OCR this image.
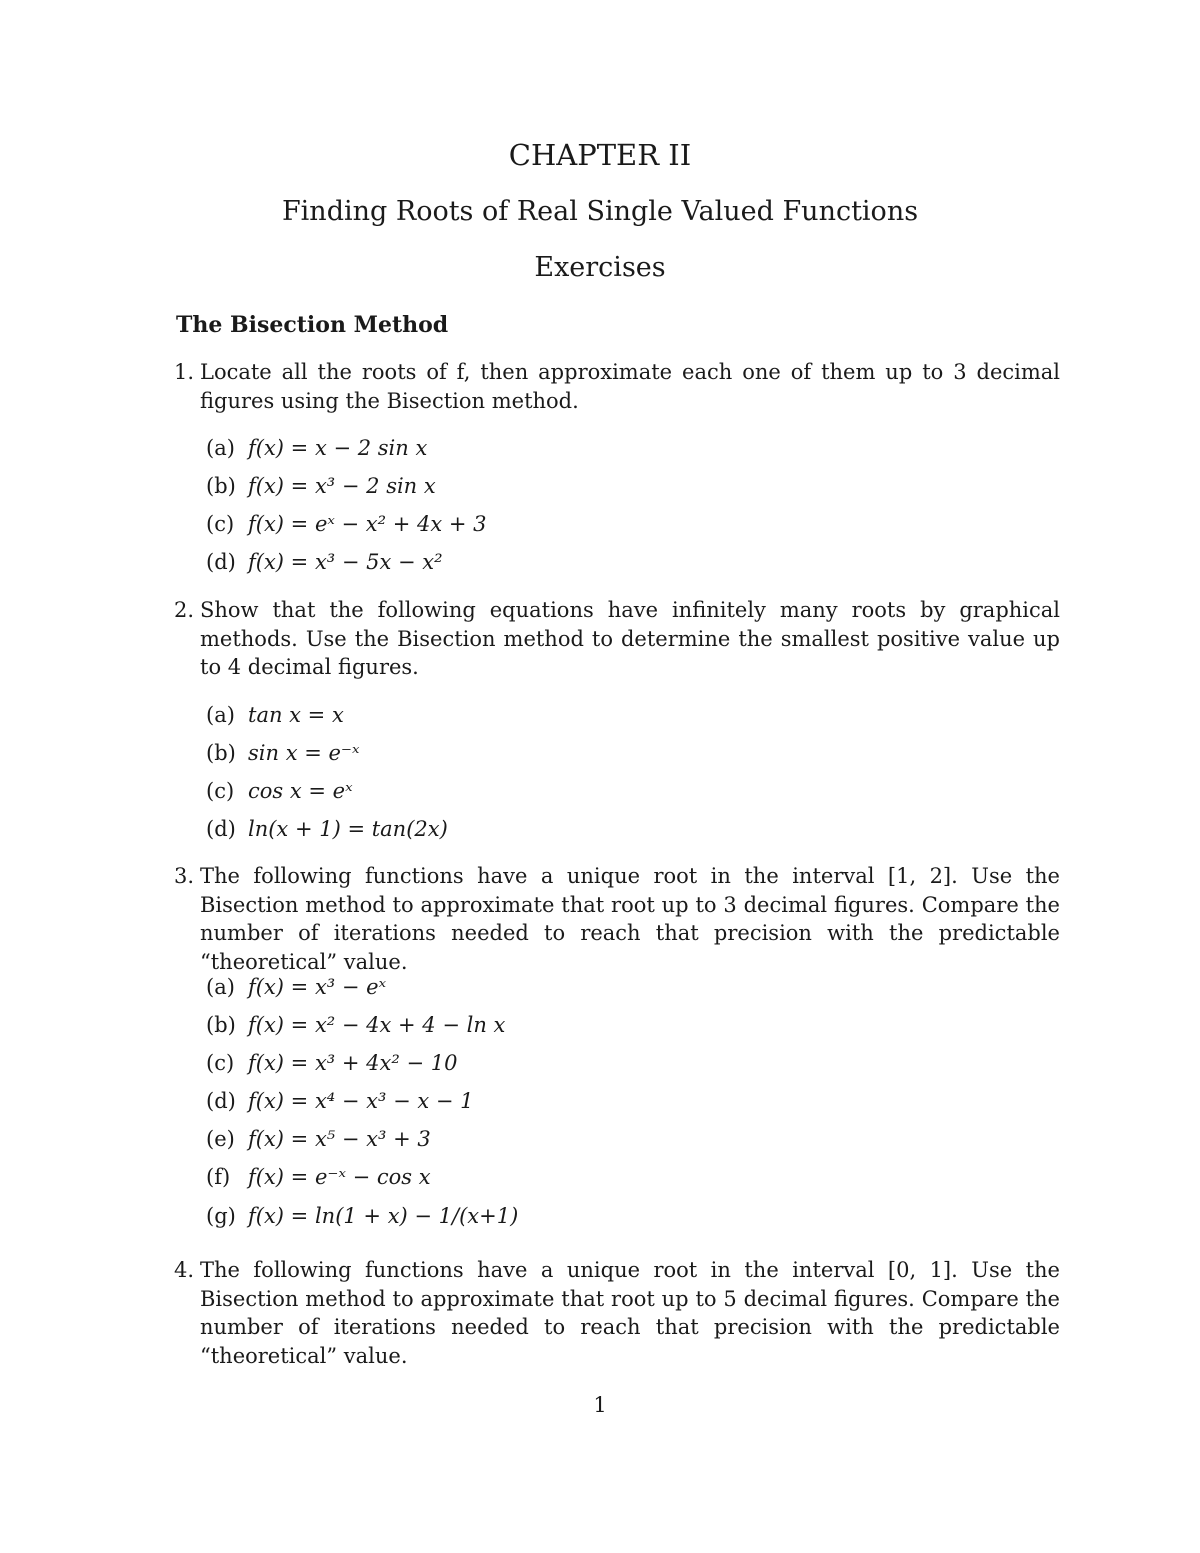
CHAPTER II
Finding Roots of Real Single Valued Functions
Exercises
The Bisection Method
1. Locate all the roots of f, then approximate each one of them up to 3 decimal figures using the Bisection method.

(a) f(x) = x − 2 sin x
(b) f(x) = x³ − 2 sin x
(c) f(x) = eˣ − x² + 4x + 3
(d) f(x) = x³ − 5x − x²
2. Show that the following equations have infinitely many roots by graphical methods. Use the Bisection method to determine the smallest positive value up to 4 decimal figures.

(a) tan x = x
(b) sin x = e⁻ˣ
(c) cos x = eˣ
(d) ln(x + 1) = tan(2x)
3. The following functions have a unique root in the interval [1, 2]. Use the Bisection method to approximate that root up to 3 decimal figures. Compare the number of iterations needed to reach that precision with the predictable “theoretical” value.

(a) f(x) = x³ − eˣ
(b) f(x) = x² − 4x + 4 − ln x
(c) f(x) = x³ + 4x² − 10
(d) f(x) = x⁴ − x³ − x − 1
(e) f(x) = x⁵ − x³ + 3
(f) f(x) = e⁻ˣ − cos x
(g) f(x) = ln(1 + x) − 1/(x+1)
4. The following functions have a unique root in the interval [0, 1]. Use the Bisection method to approximate that root up to 5 decimal figures. Compare the number of iterations needed to reach that precision with the predictable “theoretical” value.

1
